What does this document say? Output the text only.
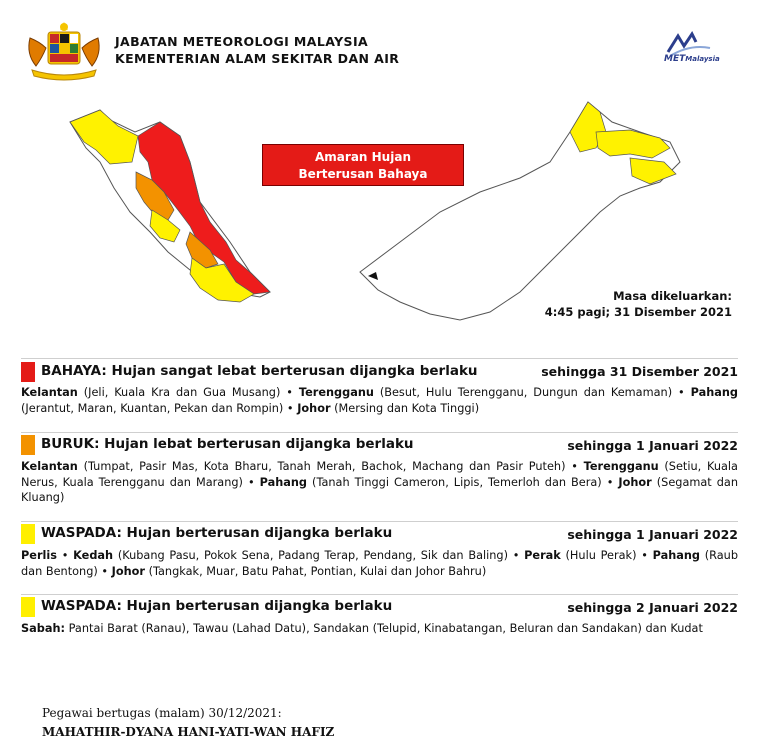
JABATAN METEOROLOGI MALAYSIA
KEMENTERIAN ALAM SEKITAR DAN AIR	METMalaysia
Amaran Hujan
Berterusan Bahaya
Masa dikeluarkan:
4:45 pagi; 31 Disember 2021
BAHAYA: Hujan sangat lebat berterusan dijangka berlaku	sehingga 31 Disember 2021
Kelantan (Jeli, Kuala Kra dan Gua Musang) • Terengganu (Besut, Hulu Terengganu, Dungun dan Kemaman) • Pahang (Jerantut, Maran, Kuantan, Pekan dan Rompin) • Johor (Mersing dan Kota Tinggi)
BURUK: Hujan lebat berterusan dijangka berlaku	sehingga 1 Januari 2022
Kelantan (Tumpat, Pasir Mas, Kota Bharu, Tanah Merah, Bachok, Machang dan Pasir Puteh) • Terengganu (Setiu, Kuala Nerus, Kuala Terengganu dan Marang) • Pahang (Tanah Tinggi Cameron, Lipis, Temerloh dan Bera) • Johor (Segamat dan Kluang)
WASPADA: Hujan berterusan dijangka berlaku	sehingga 1 Januari 2022
Perlis • Kedah (Kubang Pasu, Pokok Sena, Padang Terap, Pendang, Sik dan Baling) • Perak (Hulu Perak) • Pahang (Raub dan Bentong) • Johor (Tangkak, Muar, Batu Pahat, Pontian, Kulai dan Johor Bahru)
WASPADA: Hujan berterusan dijangka berlaku	sehingga 2 Januari 2022
Sabah: Pantai Barat (Ranau), Tawau (Lahad Datu), Sandakan (Telupid, Kinabatangan, Beluran dan Sandakan) dan Kudat
Pegawai bertugas (malam) 30/12/2021:
MAHATHIR-DYANA HANI-YATI-WAN HAFIZ
